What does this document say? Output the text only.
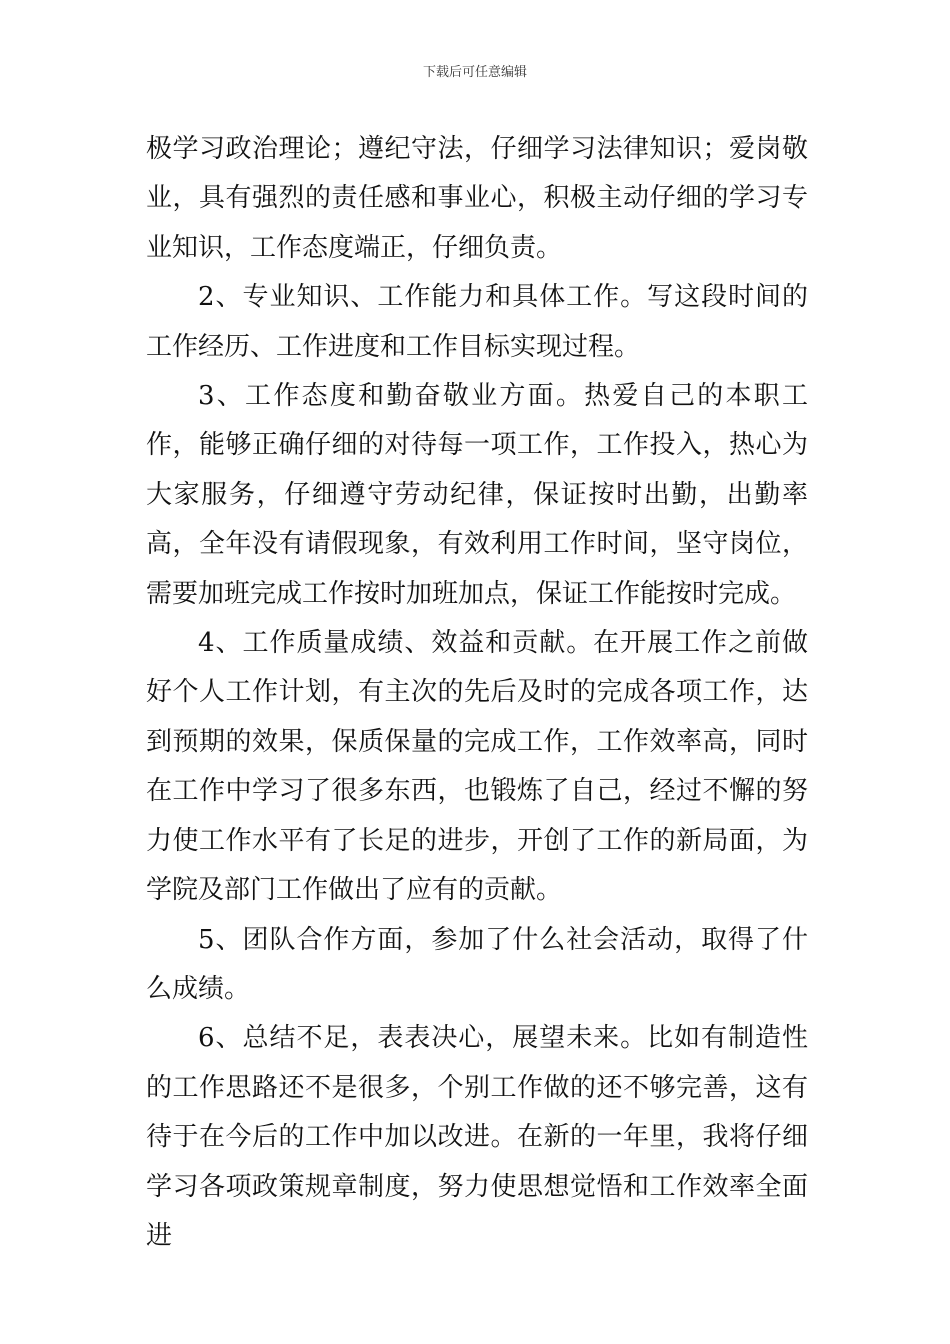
下载后可任意编辑

极学习政治理论；遵纪守法，仔细学习法律知识；爱岗敬业，具有强烈的责任感和事业心，积极主动仔细的学习专业知识，工作态度端正，仔细负责。

2、专业知识、工作能力和具体工作。写这段时间的工作经历、工作进度和工作目标实现过程。

3、工作态度和勤奋敬业方面。热爱自己的本职工作，能够正确仔细的对待每一项工作，工作投入，热心为大家服务，仔细遵守劳动纪律，保证按时出勤，出勤率高，全年没有请假现象，有效利用工作时间，坚守岗位，需要加班完成工作按时加班加点，保证工作能按时完成。

4、工作质量成绩、效益和贡献。在开展工作之前做好个人工作计划，有主次的先后及时的完成各项工作，达到预期的效果，保质保量的完成工作，工作效率高，同时在工作中学习了很多东西，也锻炼了自己，经过不懈的努力使工作水平有了长足的进步，开创了工作的新局面，为学院及部门工作做出了应有的贡献。

5、团队合作方面，参加了什么社会活动，取得了什么成绩。

6、总结不足，表表决心，展望未来。比如有制造性的工作思路还不是很多，个别工作做的还不够完善，这有待于在今后的工作中加以改进。在新的一年里，我将仔细学习各项政策规章制度，努力使思想觉悟和工作效率全面进
